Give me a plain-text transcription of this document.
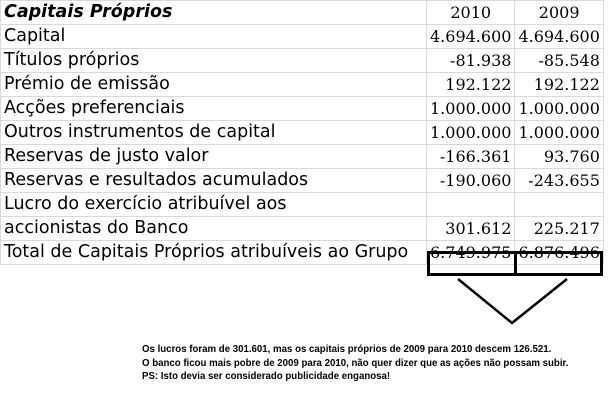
Capitais Próprios	2010	2009
Capital	4.694.600	4.694.600
Títulos próprios	-81.938	-85.548
Prémio de emissão	192.122	192.122
Acções preferenciais	1.000.000	1.000.000
Outros instrumentos de capital	1.000.000	1.000.000
Reservas de justo valor	-166.361	93.760
Reservas e resultados acumulados	-190.060	-243.655
Lucro do exercício atribuível aos		
accionistas do Banco	301.612	225.217
Total de Capitais Próprios atribuíveis ao Grupo	6.749.975	6.876.496

Os lucros foram de 301.601, mas os capitais próprios de 2009 para 2010 descem 126.521.

O banco ficou mais pobre de 2009 para 2010, não quer dizer que as ações não possam subir.

PS: Isto devia ser considerado publicidade enganosa!
